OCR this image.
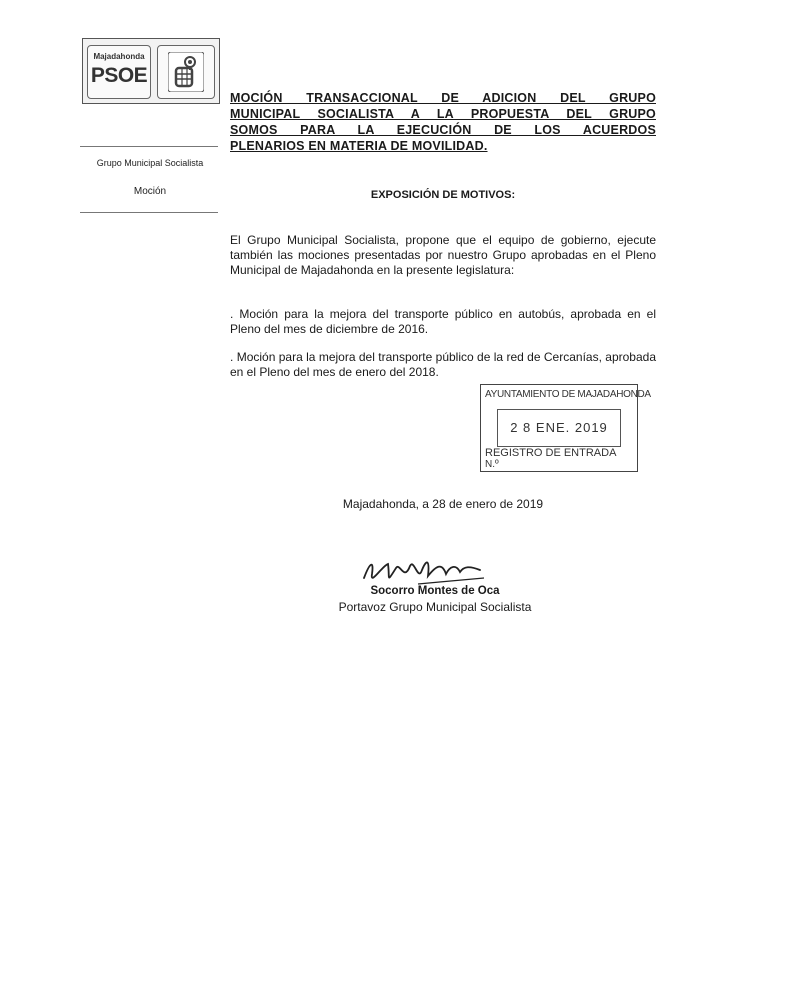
Majadahonda
PSOE
Grupo Municipal Socialista
Moción
MOCIÓN TRANSACCIONAL DE ADICION DEL GRUPO
MUNICIPAL SOCIALISTA A LA PROPUESTA DEL GRUPO
SOMOS PARA LA EJECUCIÓN DE LOS ACUERDOS
PLENARIOS EN MATERIA DE MOVILIDAD.
EXPOSICIÓN DE MOTIVOS:
El Grupo Municipal Socialista, propone que el equipo de gobierno, ejecute también las mociones presentadas por nuestro Grupo aprobadas en el Pleno Municipal de Majadahonda en la presente legislatura:
. Moción para la mejora del transporte público en autobús, aprobada en el Pleno del mes de diciembre de 2016.
. Moción para la mejora del transporte público de la red de Cercanías, aprobada en el Pleno del mes de enero del 2018.
AYUNTAMIENTO DE MAJADAHONDA
2 8 ENE. 2019
REGISTRO DE ENTRADA
N.º
Majadahonda, a 28 de enero de 2019
Socorro Montes de Oca
Portavoz Grupo Municipal Socialista
